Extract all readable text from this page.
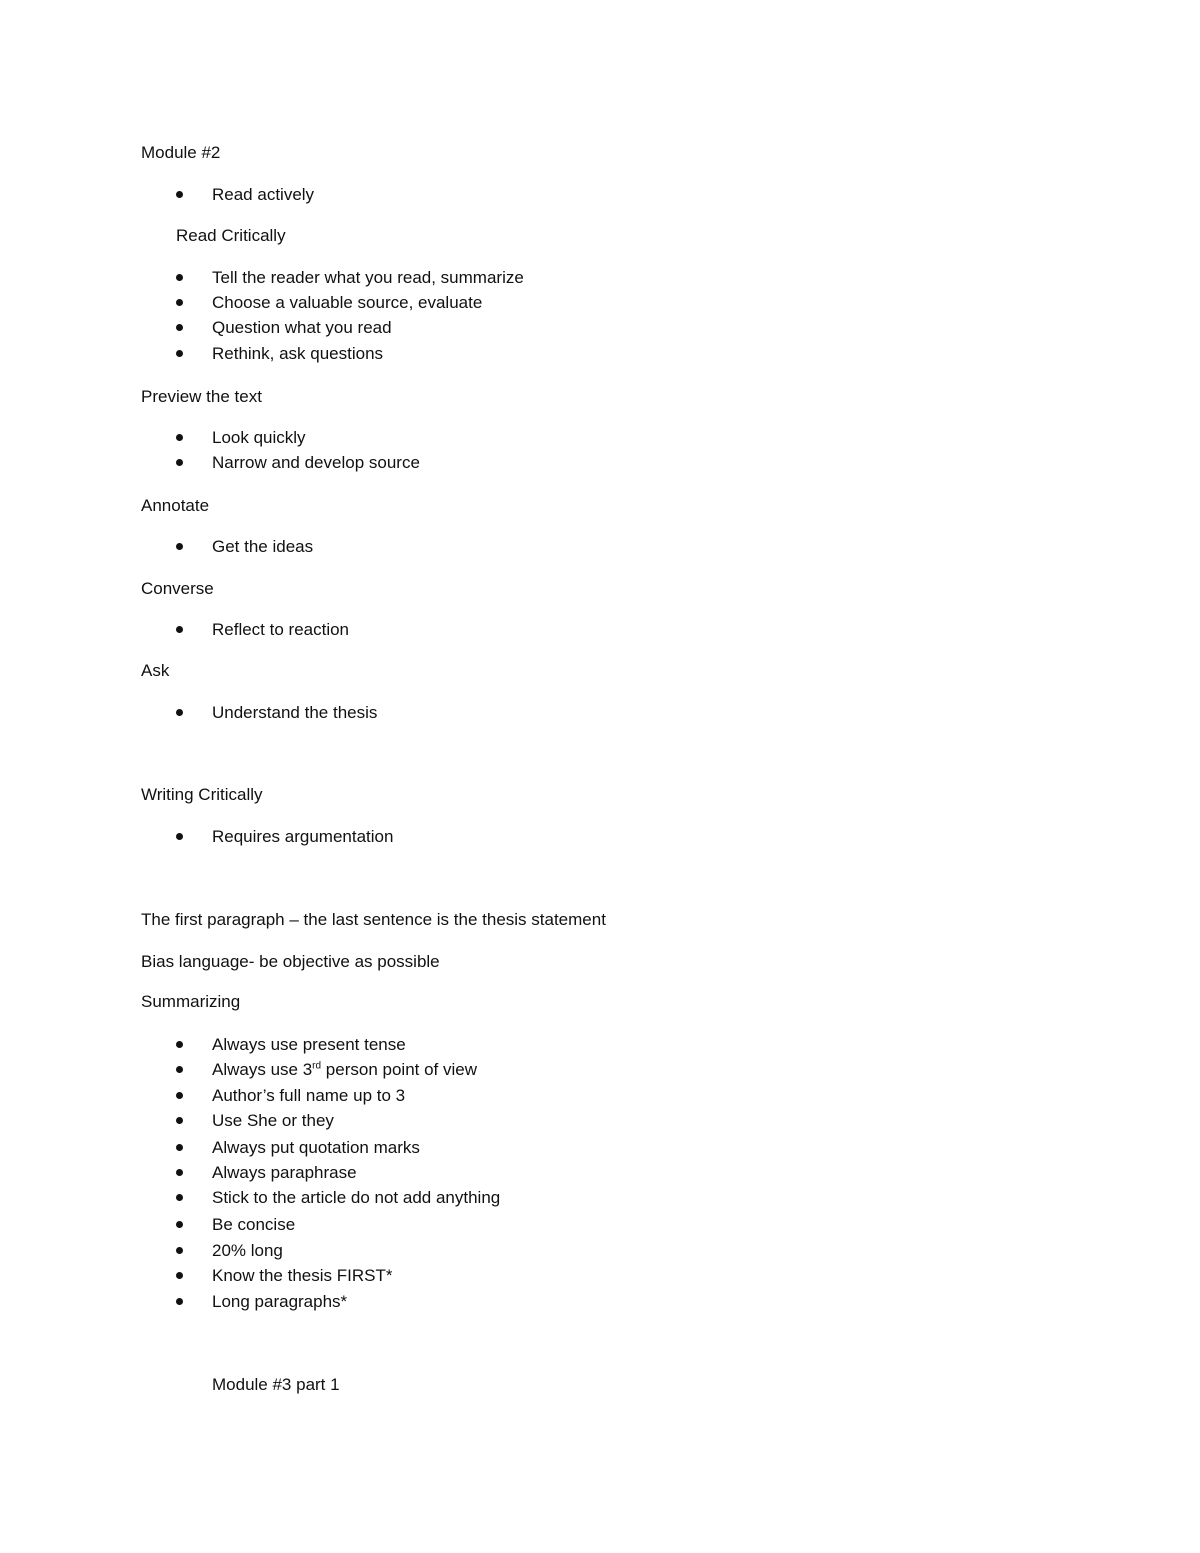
Module #2
Read actively
Read Critically
Tell the reader what you read, summarize
Choose a valuable source, evaluate
Question what you read
Rethink, ask questions
Preview the text
Look quickly
Narrow and develop source
Annotate
Get the ideas
Converse
Reflect to reaction
Ask
Understand the thesis
Writing Critically
Requires argumentation
The first paragraph – the last sentence is the thesis statement
Bias language- be objective as possible
Summarizing
Always use present tense
Always use 3rd person point of view
Author’s full name up to 3
Use She or they
Always put quotation marks
Always paraphrase
Stick to the article do not add anything
Be concise
20% long
Know the thesis FIRST*
Long paragraphs*
Module #3 part 1
